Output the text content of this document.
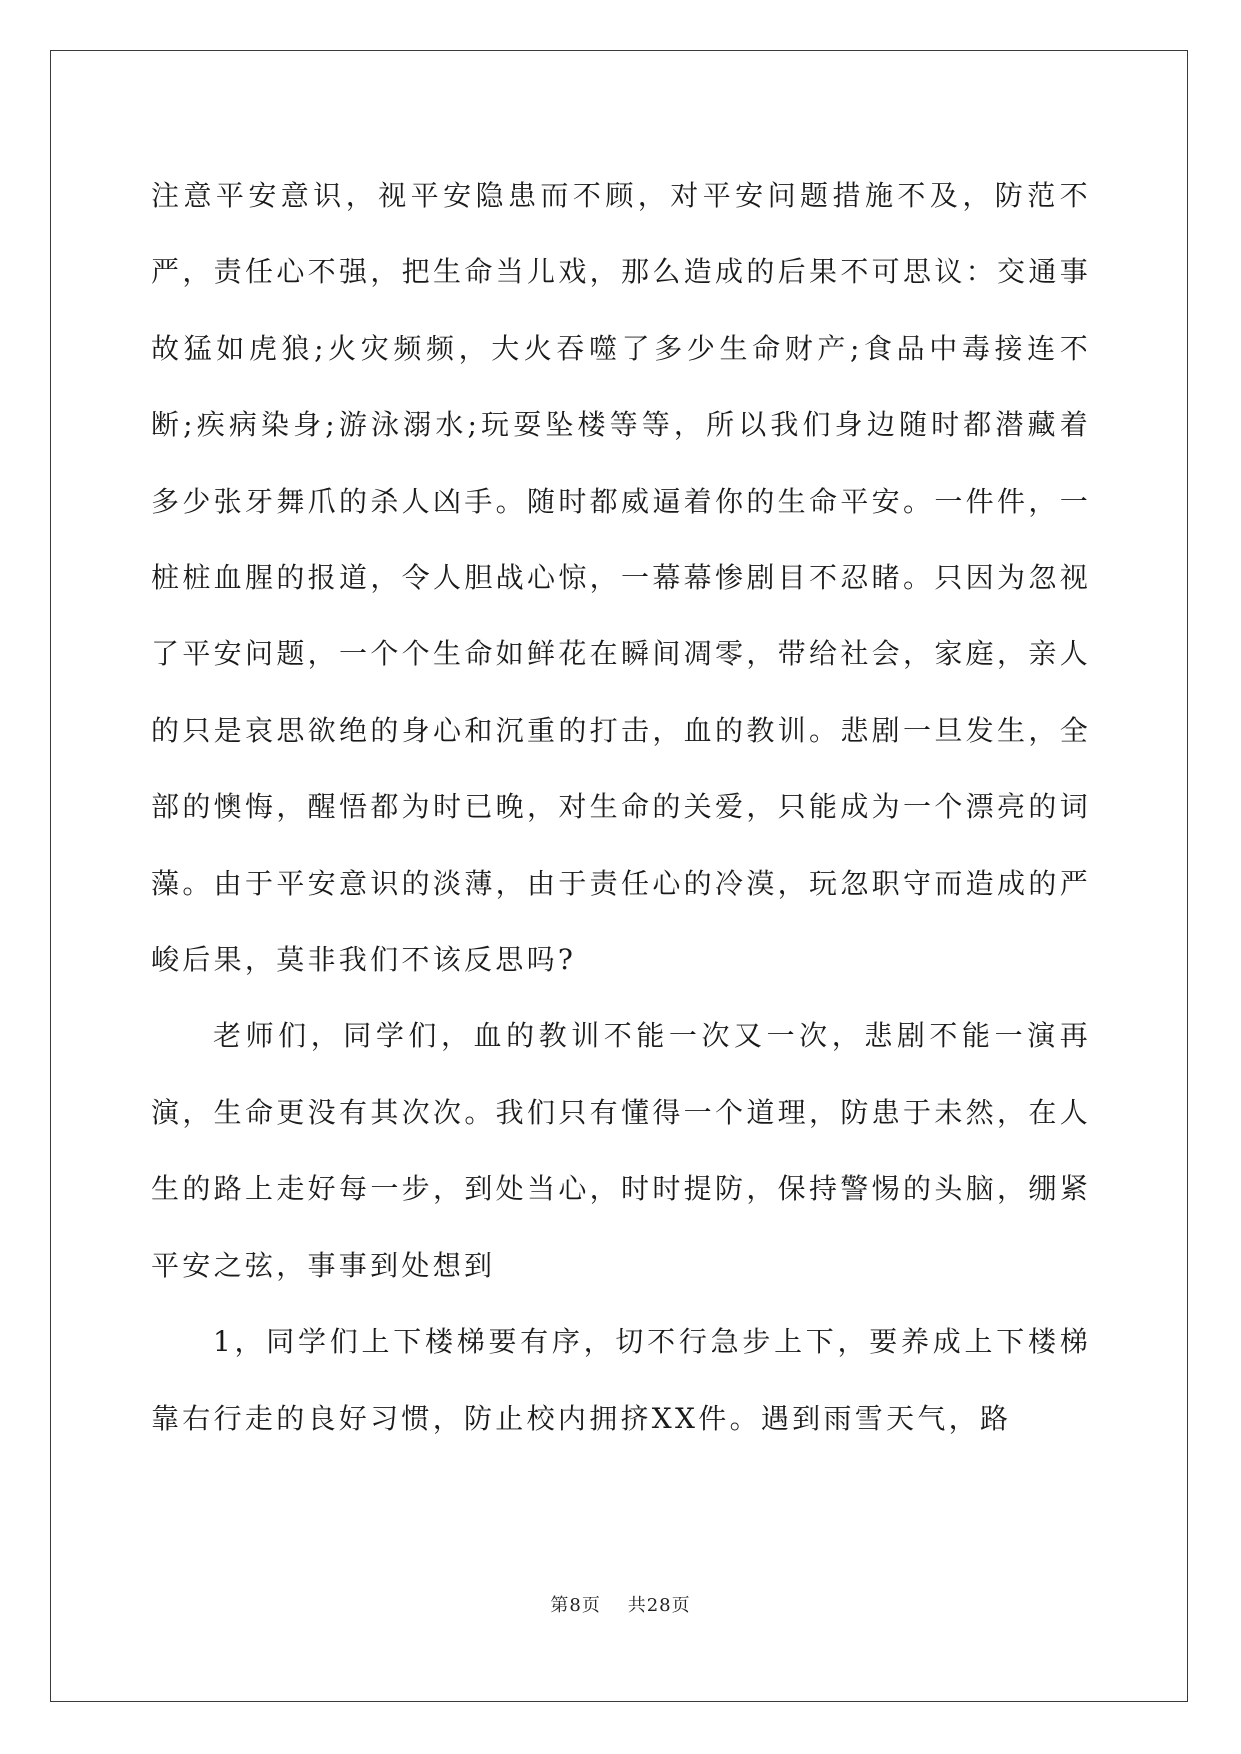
注意平安意识，视平安隐患而不顾，对平安问题措施不及，防范不严，责任心不强，把生命当儿戏，那么造成的后果不可思议：交通事故猛如虎狼;火灾频频，大火吞噬了多少生命财产;食品中毒接连不断;疾病染身;游泳溺水;玩耍坠楼等等，所以我们身边随时都潜藏着多少张牙舞爪的杀人凶手。随时都威逼着你的生命平安。一件件，一桩桩血腥的报道，令人胆战心惊，一幕幕惨剧目不忍睹。只因为忽视了平安问题，一个个生命如鲜花在瞬间凋零，带给社会，家庭，亲人的只是哀思欲绝的身心和沉重的打击，血的教训。悲剧一旦发生，全部的懊悔，醒悟都为时已晚，对生命的关爱，只能成为一个漂亮的词藻。由于平安意识的淡薄，由于责任心的冷漠，玩忽职守而造成的严峻后果，莫非我们不该反思吗?

老师们，同学们，血的教训不能一次又一次，悲剧不能一演再演，生命更没有其次次。我们只有懂得一个道理，防患于未然，在人生的路上走好每一步，到处当心，时时提防，保持警惕的头脑，绷紧平安之弦，事事到处想到

1，同学们上下楼梯要有序，切不行急步上下，要养成上下楼梯靠右行走的良好习惯，防止校内拥挤XX件。遇到雨雪天气，路

第8页 共28页
